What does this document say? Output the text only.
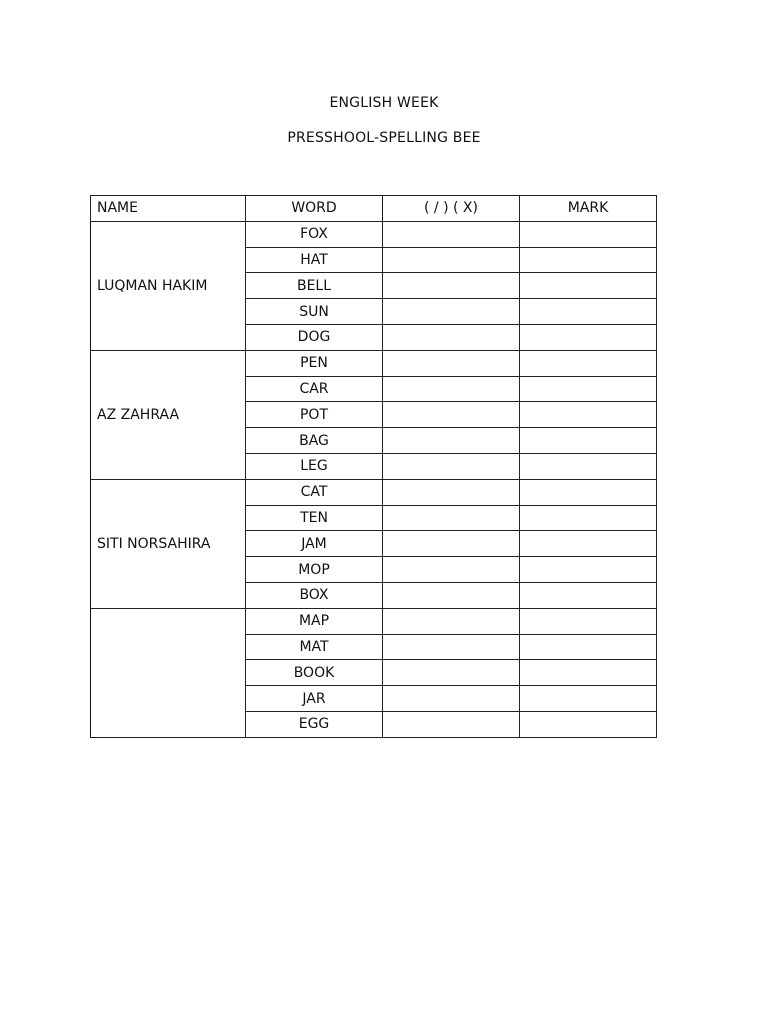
ENGLISH WEEK
PRESSHOOL-SPELLING BEE
NAME	WORD	( / ) ( X)	MARK
LUQMAN HAKIM	FOX		
	HAT		
	BELL		
	SUN		
	DOG		
AZ ZAHRAA	PEN		
	CAR		
	POT		
	BAG		
	LEG		
SITI NORSAHIRA	CAT		
	TEN		
	JAM		
	MOP		
	BOX		
	MAP		
	MAT		
	BOOK		
	JAR		
	EGG		
